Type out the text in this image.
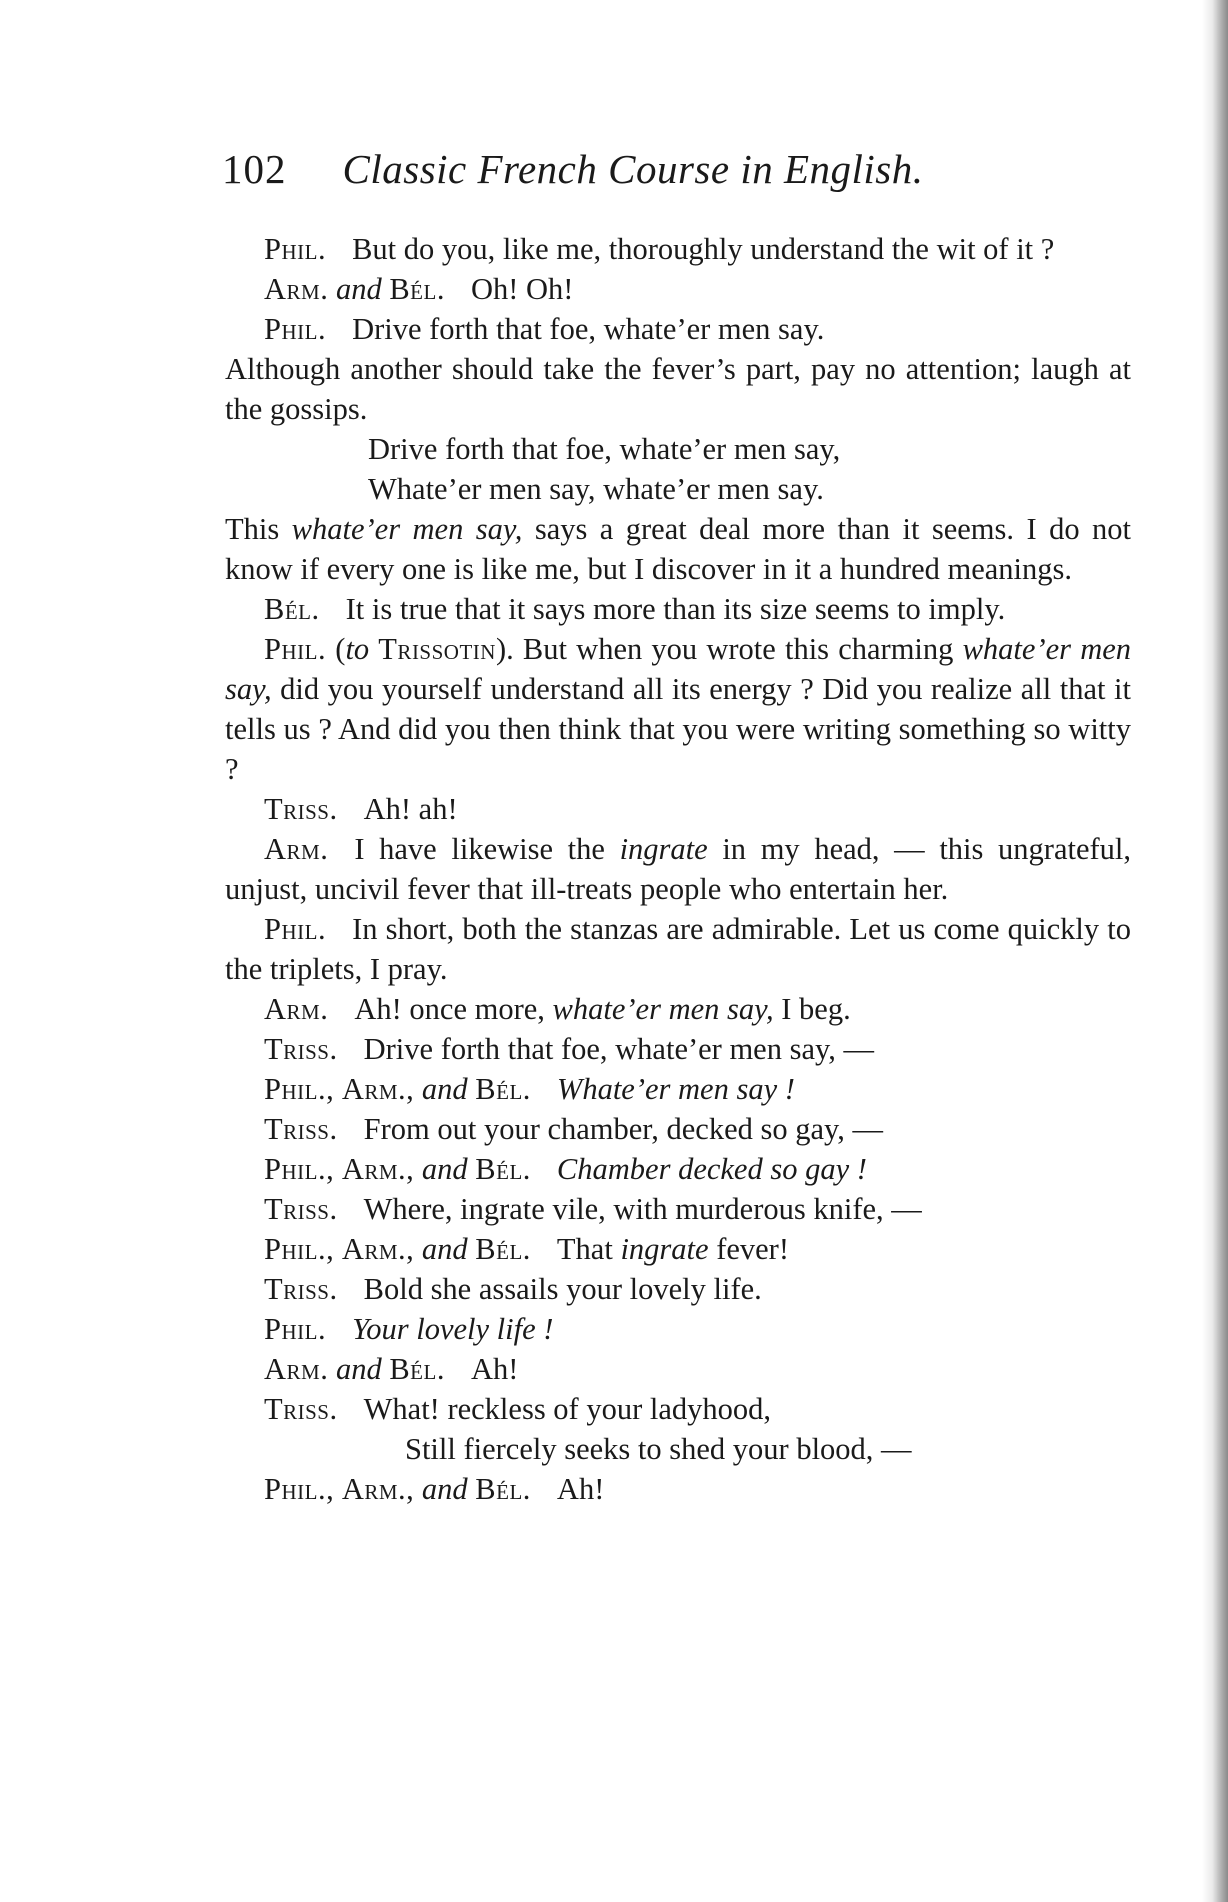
102 Classic French Course in English.

Phil. But do you, like me, thoroughly understand the wit of it ?

Arm. and Bél. Oh! Oh!

Phil. Drive forth that foe, whate’er men say.

Although another should take the fever’s part, pay no attention; laugh at the gossips.

Drive forth that foe, whate’er men say,

Whate’er men say, whate’er men say.

This whate’er men say, says a great deal more than it seems. I do not know if every one is like me, but I discover in it a hundred meanings.

Bél. It is true that it says more than its size seems to imply.

Phil. (to Trissotin). But when you wrote this charming whate’er men say, did you yourself understand all its energy ? Did you realize all that it tells us ? And did you then think that you were writing something so witty ?

Triss. Ah! ah!

Arm. I have likewise the ingrate in my head, — this ungrateful, unjust, uncivil fever that ill-treats people who entertain her.

Phil. In short, both the stanzas are admirable. Let us come quickly to the triplets, I pray.

Arm. Ah! once more, whate’er men say, I beg.

Triss. Drive forth that foe, whate’er men say, —

Phil., Arm., and Bél. Whate’er men say !

Triss. From out your chamber, decked so gay, —

Phil., Arm., and Bél. Chamber decked so gay !

Triss. Where, ingrate vile, with murderous knife, —

Phil., Arm., and Bél. That ingrate fever!

Triss. Bold she assails your lovely life.

Phil. Your lovely life !

Arm. and Bél. Ah!

Triss. What! reckless of your ladyhood,

Still fiercely seeks to shed your blood, —

Phil., Arm., and Bél. Ah!
